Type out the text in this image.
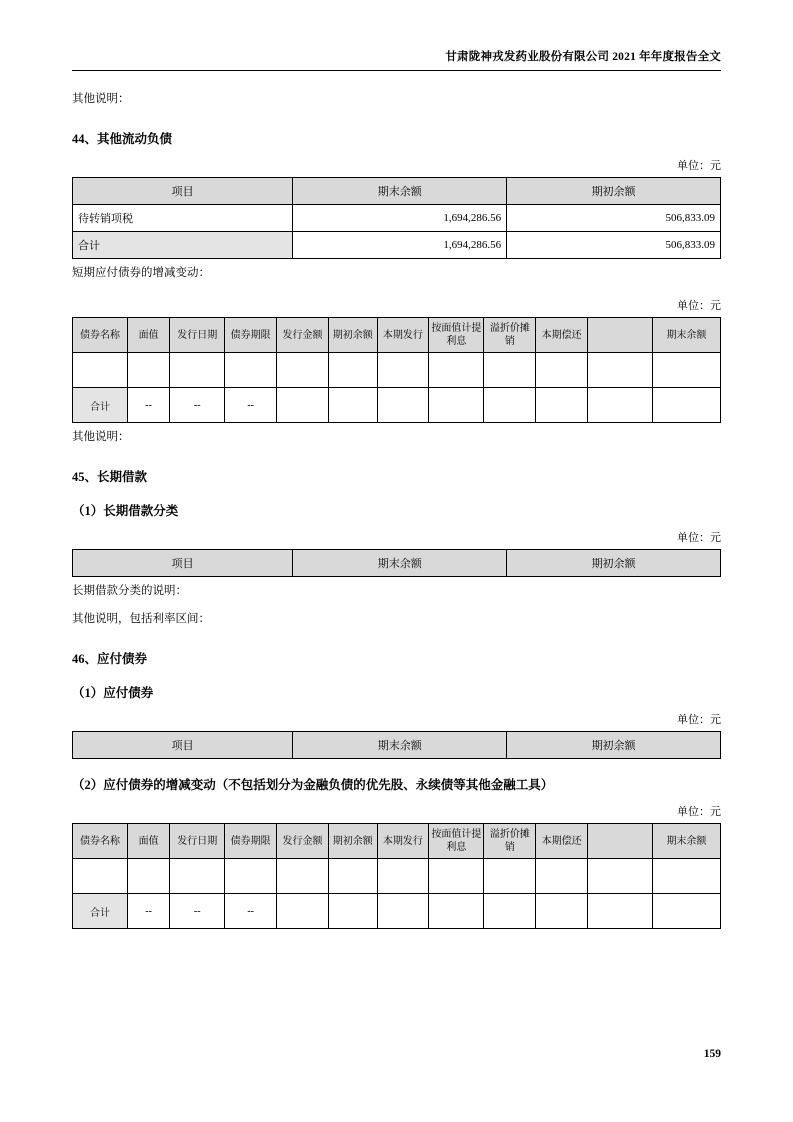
甘肃陇神戎发药业股份有限公司 2021 年年度报告全文

其他说明：

44、其他流动负债
单位：元
项目	期末余额	期初余额
待转销项税	1,694,286.56	506,833.09
合计	1,694,286.56	506,833.09

短期应付债券的增减变动：

单位：元
债券名称	面值	发行日期	债券期限	发行金额	期初余额	本期发行	按面值计提利息	溢折价摊销	本期偿还		期末余额

合计	--	--	--								

其他说明：

45、长期借款
（1）长期借款分类
单位：元
项目	期末余额	期初余额

长期借款分类的说明：

其他说明，包括利率区间：

46、应付债券
（1）应付债券
单位：元
项目	期末余额	期初余额
（2）应付债券的增减变动（不包括划分为金融负债的优先股、永续债等其他金融工具）
单位：元
债券名称	面值	发行日期	债券期限	发行金额	期初余额	本期发行	按面值计提利息	溢折价摊销	本期偿还		期末余额

合计	--	--	--								
159
